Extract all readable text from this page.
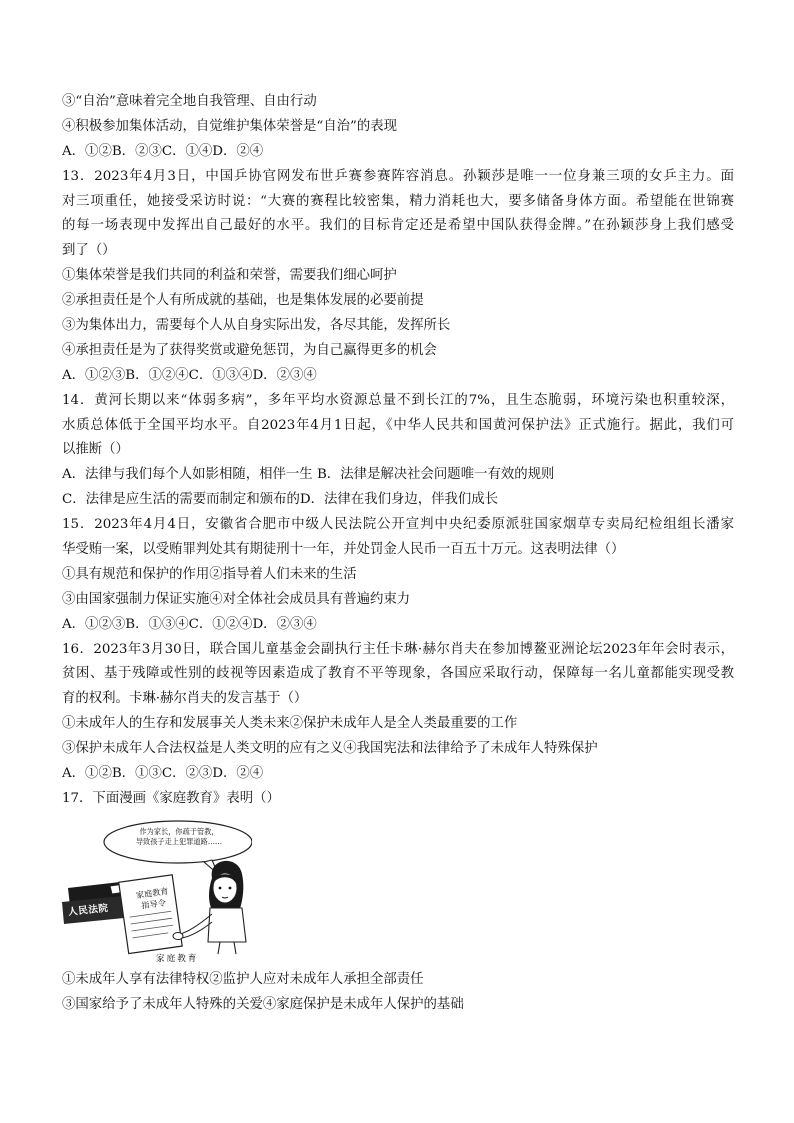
③“自治”意味着完全地自我管理、自由行动
④积极参加集体活动，自觉维护集体荣誉是“自治”的表现
A．①②B．②③C．①④D．②④
13．2023年4月3日，中国乒协官网发布世乒赛参赛阵容消息。孙颖莎是唯一一位身兼三项的女乒主力。面
对三项重任，她接受采访时说：“大赛的赛程比较密集，精力消耗也大，要多储备身体方面。希望能在世锦赛
的每一场表现中发挥出自己最好的水平。我们的目标肯定还是希望中国队获得金牌。”在孙颖莎身上我们感受
到了（）
①集体荣誉是我们共同的利益和荣誉，需要我们细心呵护
②承担责任是个人有所成就的基础，也是集体发展的必要前提
③为集体出力，需要每个人从自身实际出发，各尽其能，发挥所长
④承担责任是为了获得奖赏或避免惩罚，为自己赢得更多的机会
A．①②③B．①②④C．①③④D．②③④
14．黄河长期以来“体弱多病”，多年平均水资源总量不到长江的7%，且生态脆弱，环境污染也积重较深，
水质总体低于全国平均水平。自2023年4月1日起，《中华人民共和国黄河保护法》正式施行。据此，我们可
以推断（）
A．法律与我们每个人如影相随，相伴一生 B．法律是解决社会问题唯一有效的规则
C．法律是应生活的需要而制定和颁布的D．法律在我们身边，伴我们成长
15．2023年4月4日，安徽省合肥市中级人民法院公开宣判中央纪委原派驻国家烟草专卖局纪检组组长潘家
华受贿一案，以受贿罪判处其有期徒刑十一年，并处罚金人民币一百五十万元。这表明法律（）
①具有规范和保护的作用②指导着人们未来的生活
③由国家强制力保证实施④对全体社会成员具有普遍约束力
A．①②③B．①③④C．①②④D．②③④
16．2023年3月30日，联合国儿童基金会副执行主任卡琳·赫尔肖夫在参加博鳌亚洲论坛2023年年会时表示，
贫困、基于残障或性别的歧视等因素造成了教育不平等现象，各国应采取行动，保障每一名儿童都能实现受教
育的权利。卡琳·赫尔肖夫的发言基于（）
①未成年人的生存和发展事关人类未来②保护未成年人是全人类最重要的工作
③保护未成年人合法权益是人类文明的应有之义④我国宪法和法律给予了未成年人特殊保护
A．①②B．①③C．②③D．②④
17．下面漫画《家庭教育》表明（）
作为家长，你疏于管教，
导致孩子走上犯罪道路……
人民法院
家庭教育
指导令
家庭教育
①未成年人享有法律特权②监护人应对未成年人承担全部责任
③国家给予了未成年人特殊的关爱④家庭保护是未成年人保护的基础
